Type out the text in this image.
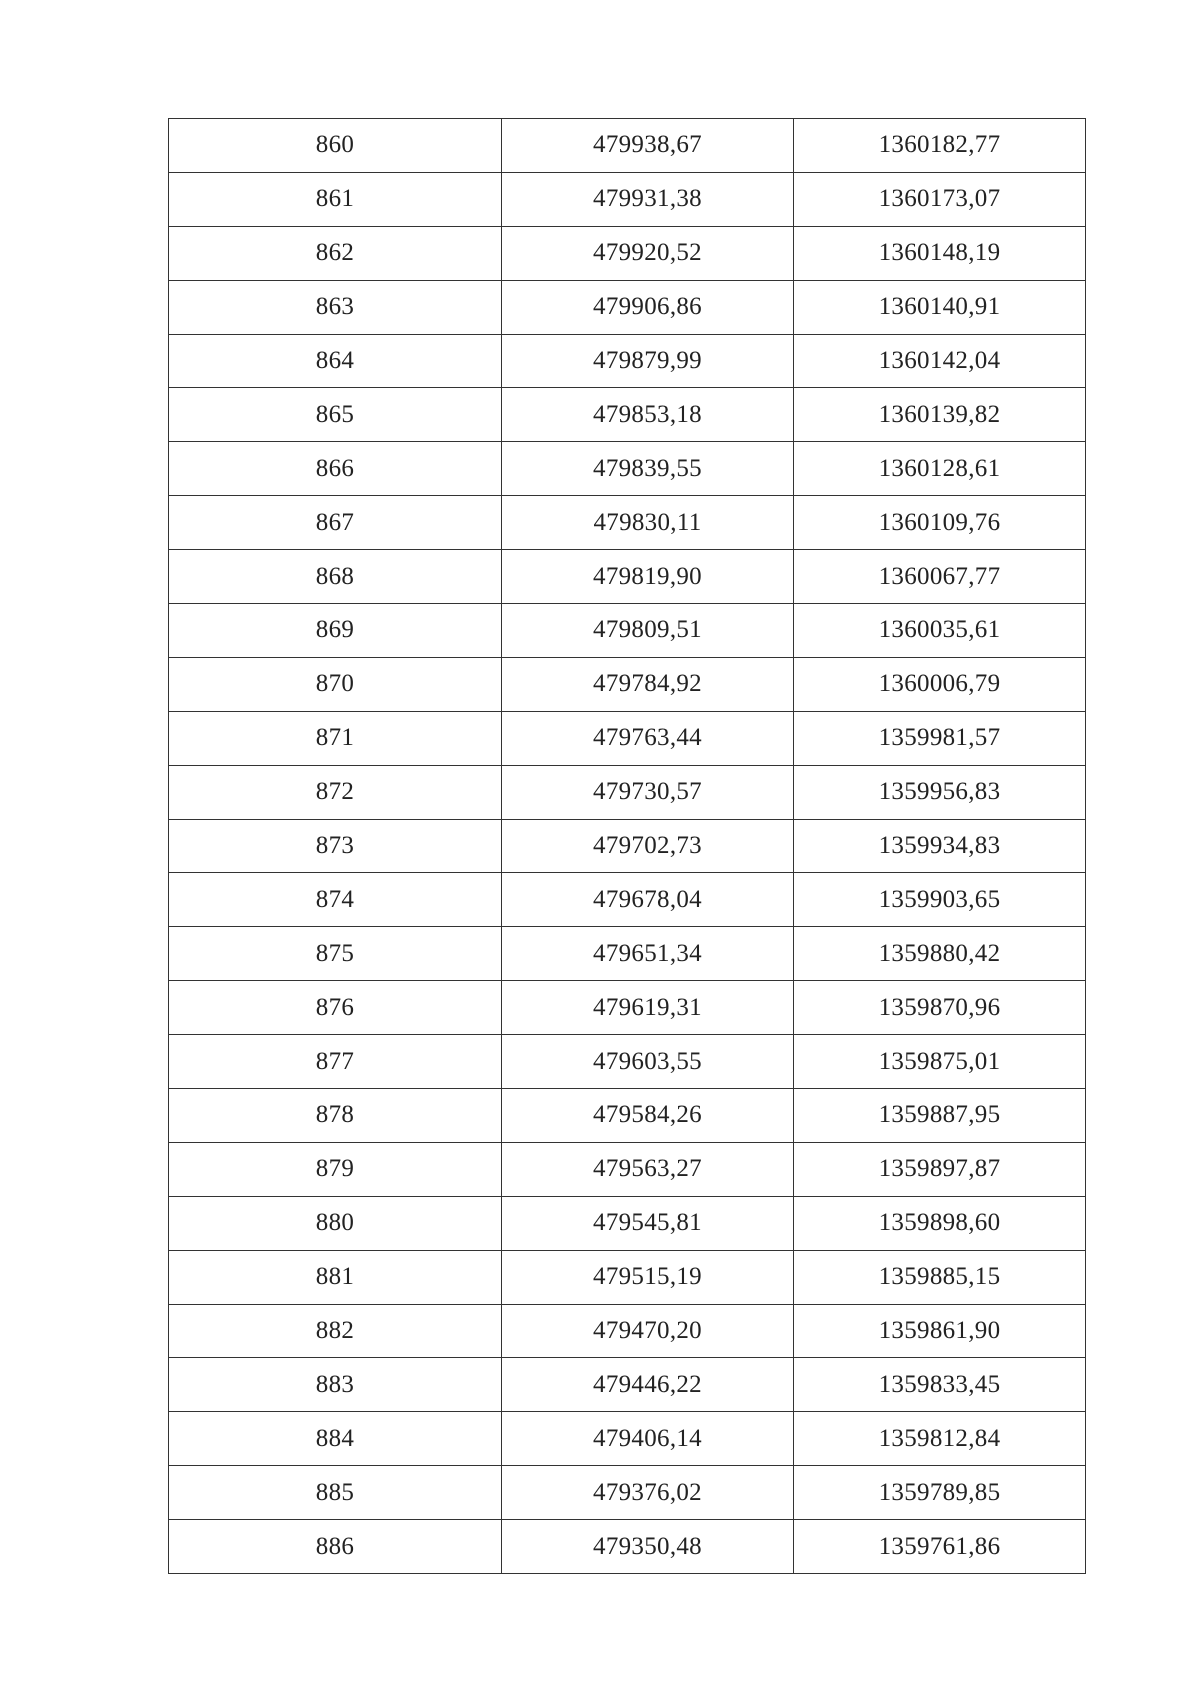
860	479938,67	1360182,77
861	479931,38	1360173,07
862	479920,52	1360148,19
863	479906,86	1360140,91
864	479879,99	1360142,04
865	479853,18	1360139,82
866	479839,55	1360128,61
867	479830,11	1360109,76
868	479819,90	1360067,77
869	479809,51	1360035,61
870	479784,92	1360006,79
871	479763,44	1359981,57
872	479730,57	1359956,83
873	479702,73	1359934,83
874	479678,04	1359903,65
875	479651,34	1359880,42
876	479619,31	1359870,96
877	479603,55	1359875,01
878	479584,26	1359887,95
879	479563,27	1359897,87
880	479545,81	1359898,60
881	479515,19	1359885,15
882	479470,20	1359861,90
883	479446,22	1359833,45
884	479406,14	1359812,84
885	479376,02	1359789,85
886	479350,48	1359761,86
